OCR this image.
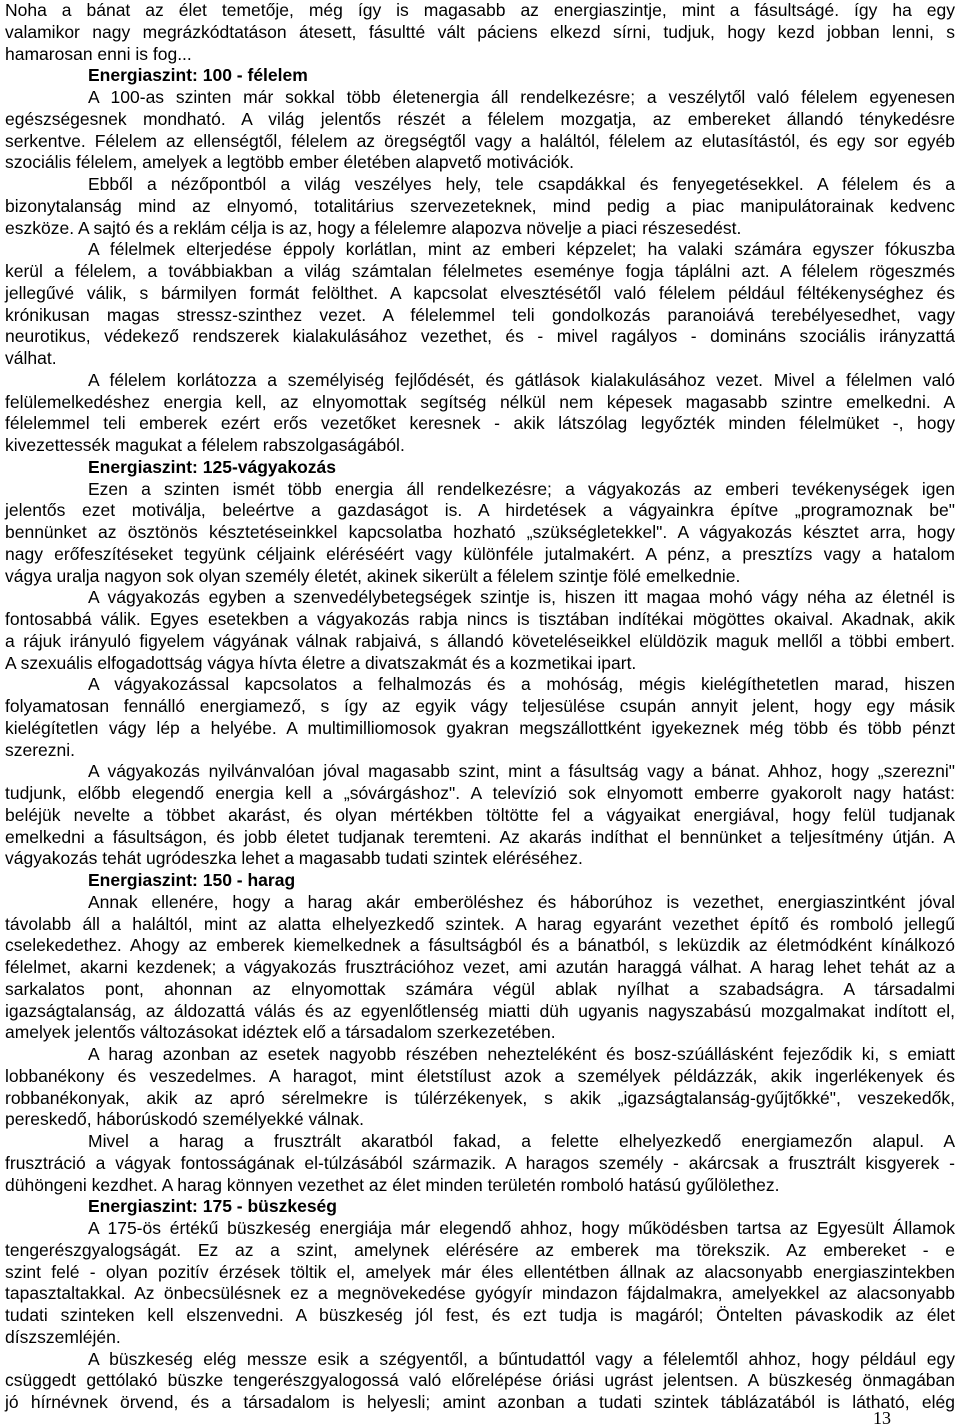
Noha a bánat az élet temetője, még így is magasabb az energiaszintje, mint a fásultságé. így ha egy
valamikor nagy megrázkódtatáson átesett, fásultté vált páciens elkezd sírni, tudjuk, hogy kezd jobban lenni, s
hamarosan enni is fog...
Energiaszint: 100 - félelem
A 100-as szinten már sokkal több életenergia áll rendelkezésre; a veszélytől való félelem egyenesen
egészségesnek mondható. A világ jelentős részét a félelem mozgatja, az embereket állandó ténykedésre
serkentve. Félelem az ellenségtől, félelem az öregségtől vagy a haláltól, félelem az elutasítástól, és egy sor egyéb
szociális félelem, amelyek a legtöbb ember életében alapvető motivációk.
Ebből a nézőpontból a világ veszélyes hely, tele csapdákkal és fenyegetésekkel. A félelem és a
bizonytalanság mind az elnyomó, totalitárius szervezeteknek, mind pedig a piac manipulátorainak kedvenc
eszköze. A sajtó és a reklám célja is az, hogy a félelemre alapozva növelje a piaci részesedést.
A félelmek elterjedése éppoly korlátlan, mint az emberi képzelet; ha valaki számára egyszer fókuszba
kerül a félelem, a továbbiakban a világ számtalan félelmetes eseménye fogja táplálni azt. A félelem rögeszmés
jellegűvé válik, s bármilyen formát felölthet. A kapcsolat elvesztésétől való félelem például féltékenységhez és
krónikusan magas stressz-szinthez vezet. A félelemmel teli gondolkozás paranoiává terebélyesedhet, vagy
neurotikus, védekező rendszerek kialakulásához vezethet, és - mivel ragályos - domináns szociális irányzattá
válhat.
A félelem korlátozza a személyiség fejlődését, és gátlások kialakulásához vezet. Mivel a félelmen való
felülemelkedéshez energia kell, az elnyomottak segítség nélkül nem képesek magasabb szintre emelkedni. A
félelemmel teli emberek ezért erős vezetőket keresnek - akik látszólag legyőzték minden félelmüket -, hogy
kivezettessék magukat a félelem rabszolgaságából.
Energiaszint: 125-vágyakozás
Ezen a szinten ismét több energia áll rendelkezésre; a vágyakozás az emberi tevékenységek igen
jelentős ezet motiválja, beleértve a gazdaságot is. A hirdetések a vágyainkra építve „programoznak be"
bennünket az ösztönös késztetéseinkkel kapcsolatba hozható „szükségletekkel". A vágyakozás késztet arra, hogy
nagy erőfeszítéseket tegyünk céljaink eléréséért vagy különféle jutalmakért. A pénz, a presztízs vagy a hatalom
vágya uralja nagyon sok olyan személy életét, akinek sikerült a félelem szintje fölé emelkednie.
A vágyakozás egyben a szenvedélybetegségek szintje is, hiszen itt magaa mohó vágy néha az életnél is
fontosabbá válik. Egyes esetekben a vágyakozás rabja nincs is tisztában indítékai mögöttes okaival. Akadnak, akik
a rájuk irányuló figyelem vágyának válnak rabjaivá, s állandó követeléseikkel elüldözik maguk mellől a többi embert.
A szexuális elfogadottság vágya hívta életre a divatszakmát és a kozmetikai ipart.
A vágyakozással kapcsolatos a felhalmozás és a mohóság, mégis kielégíthetetlen marad, hiszen
folyamatosan fennálló energiamező, s így az egyik vágy teljesülése csupán annyit jelent, hogy egy másik
kielégítetlen vágy lép a helyébe. A multimilliomosok gyakran megszállottként igyekeznek még több és több pénzt
szerezni.
A vágyakozás nyilvánvalóan jóval magasabb szint, mint a fásultság vagy a bánat. Ahhoz, hogy „szerezni"
tudjunk, előbb elegendő energia kell a „sóvárgáshoz". A televízió sok elnyomott emberre gyakorolt nagy hatást:
beléjük nevelte a többet akarást, és olyan mértékben töltötte fel a vágyaikat energiával, hogy felül tudjanak
emelkedni a fásultságon, és jobb életet tudjanak teremteni. Az akarás indíthat el bennünket a teljesítmény útján. A
vágyakozás tehát ugródeszka lehet a magasabb tudati szintek eléréséhez.
Energiaszint: 150 - harag
Annak ellenére, hogy a harag akár emberöléshez és háborúhoz is vezethet, energiaszintként jóval
távolabb áll a haláltól, mint az alatta elhelyezkedő szintek. A harag egyaránt vezethet építő és romboló jellegű
cselekedethez. Ahogy az emberek kiemelkednek a fásultságból és a bánatból, s leküzdik az életmódként kínálkozó
félelmet, akarni kezdenek; a vágyakozás frusztrációhoz vezet, ami azután haraggá válhat. A harag lehet tehát az a
sarkalatos pont, ahonnan az elnyomottak számára végül ablak nyílhat a szabadságra. A társadalmi
igazságtalanság, az áldozattá válás és az egyenlőtlenség miatti düh ugyanis nagyszabású mozgalmakat indított el,
amelyek jelentős változásokat idéztek elő a társadalom szerkezetében.
A harag azonban az esetek nagyobb részében nehezteléként és bosz-szúállásként fejeződik ki, s emiatt
lobbanékony és veszedelmes. A haragot, mint életstílust azok a személyek példázzák, akik ingerlékenyek és
robbanékonyak, akik az apró sérelmekre is túlérzékenyek, s akik „igazságtalanság-gyűjtőkké", veszekedők,
pereskedő, háborúskodó személyekké válnak.
Mivel a harag a frusztrált akaratból fakad, a felette elhelyezkedő energiamezőn alapul. A
frusztráció a vágyak fontosságának el-túlzásából származik. A haragos személy - akárcsak a frusztrált kisgyerek -
dühöngeni kezdhet. A harag könnyen vezethet az élet minden területén romboló hatású gyűlölethez.
Energiaszint: 175 - büszkeség
A 175-ös értékű büszkeség energiája már elegendő ahhoz, hogy működésben tartsa az Egyesült Államok
tengerészgyalogságát. Ez az a szint, amelynek elérésére az emberek ma törekszik. Az embereket - e
szint felé - olyan pozitív érzések töltik el, amelyek már éles ellentétben állnak az alacsonyabb energiaszintekben
tapasztaltakkal. Az önbecsülésnek ez a megnövekedése gyógyír mindazon fájdalmakra, amelyekkel az alacsonyabb
tudati szinteken kell elszenvedni. A büszkeség jól fest, és ezt tudja is magáról; Öntelten pávaskodik az élet
díszszemléjén.
A büszkeség elég messze esik a szégyentől, a bűntudattól vagy a félelemtől ahhoz, hogy például egy
csüggedt gettólakó büszke tengerészgyalogossá való előrelépése óriási ugrást jelentsen. A büszkeség önmagában
jó hírnévnek örvend, és a társadalom is helyesli; amint azonban a tudati szintek táblázatából is látható, elég
13
